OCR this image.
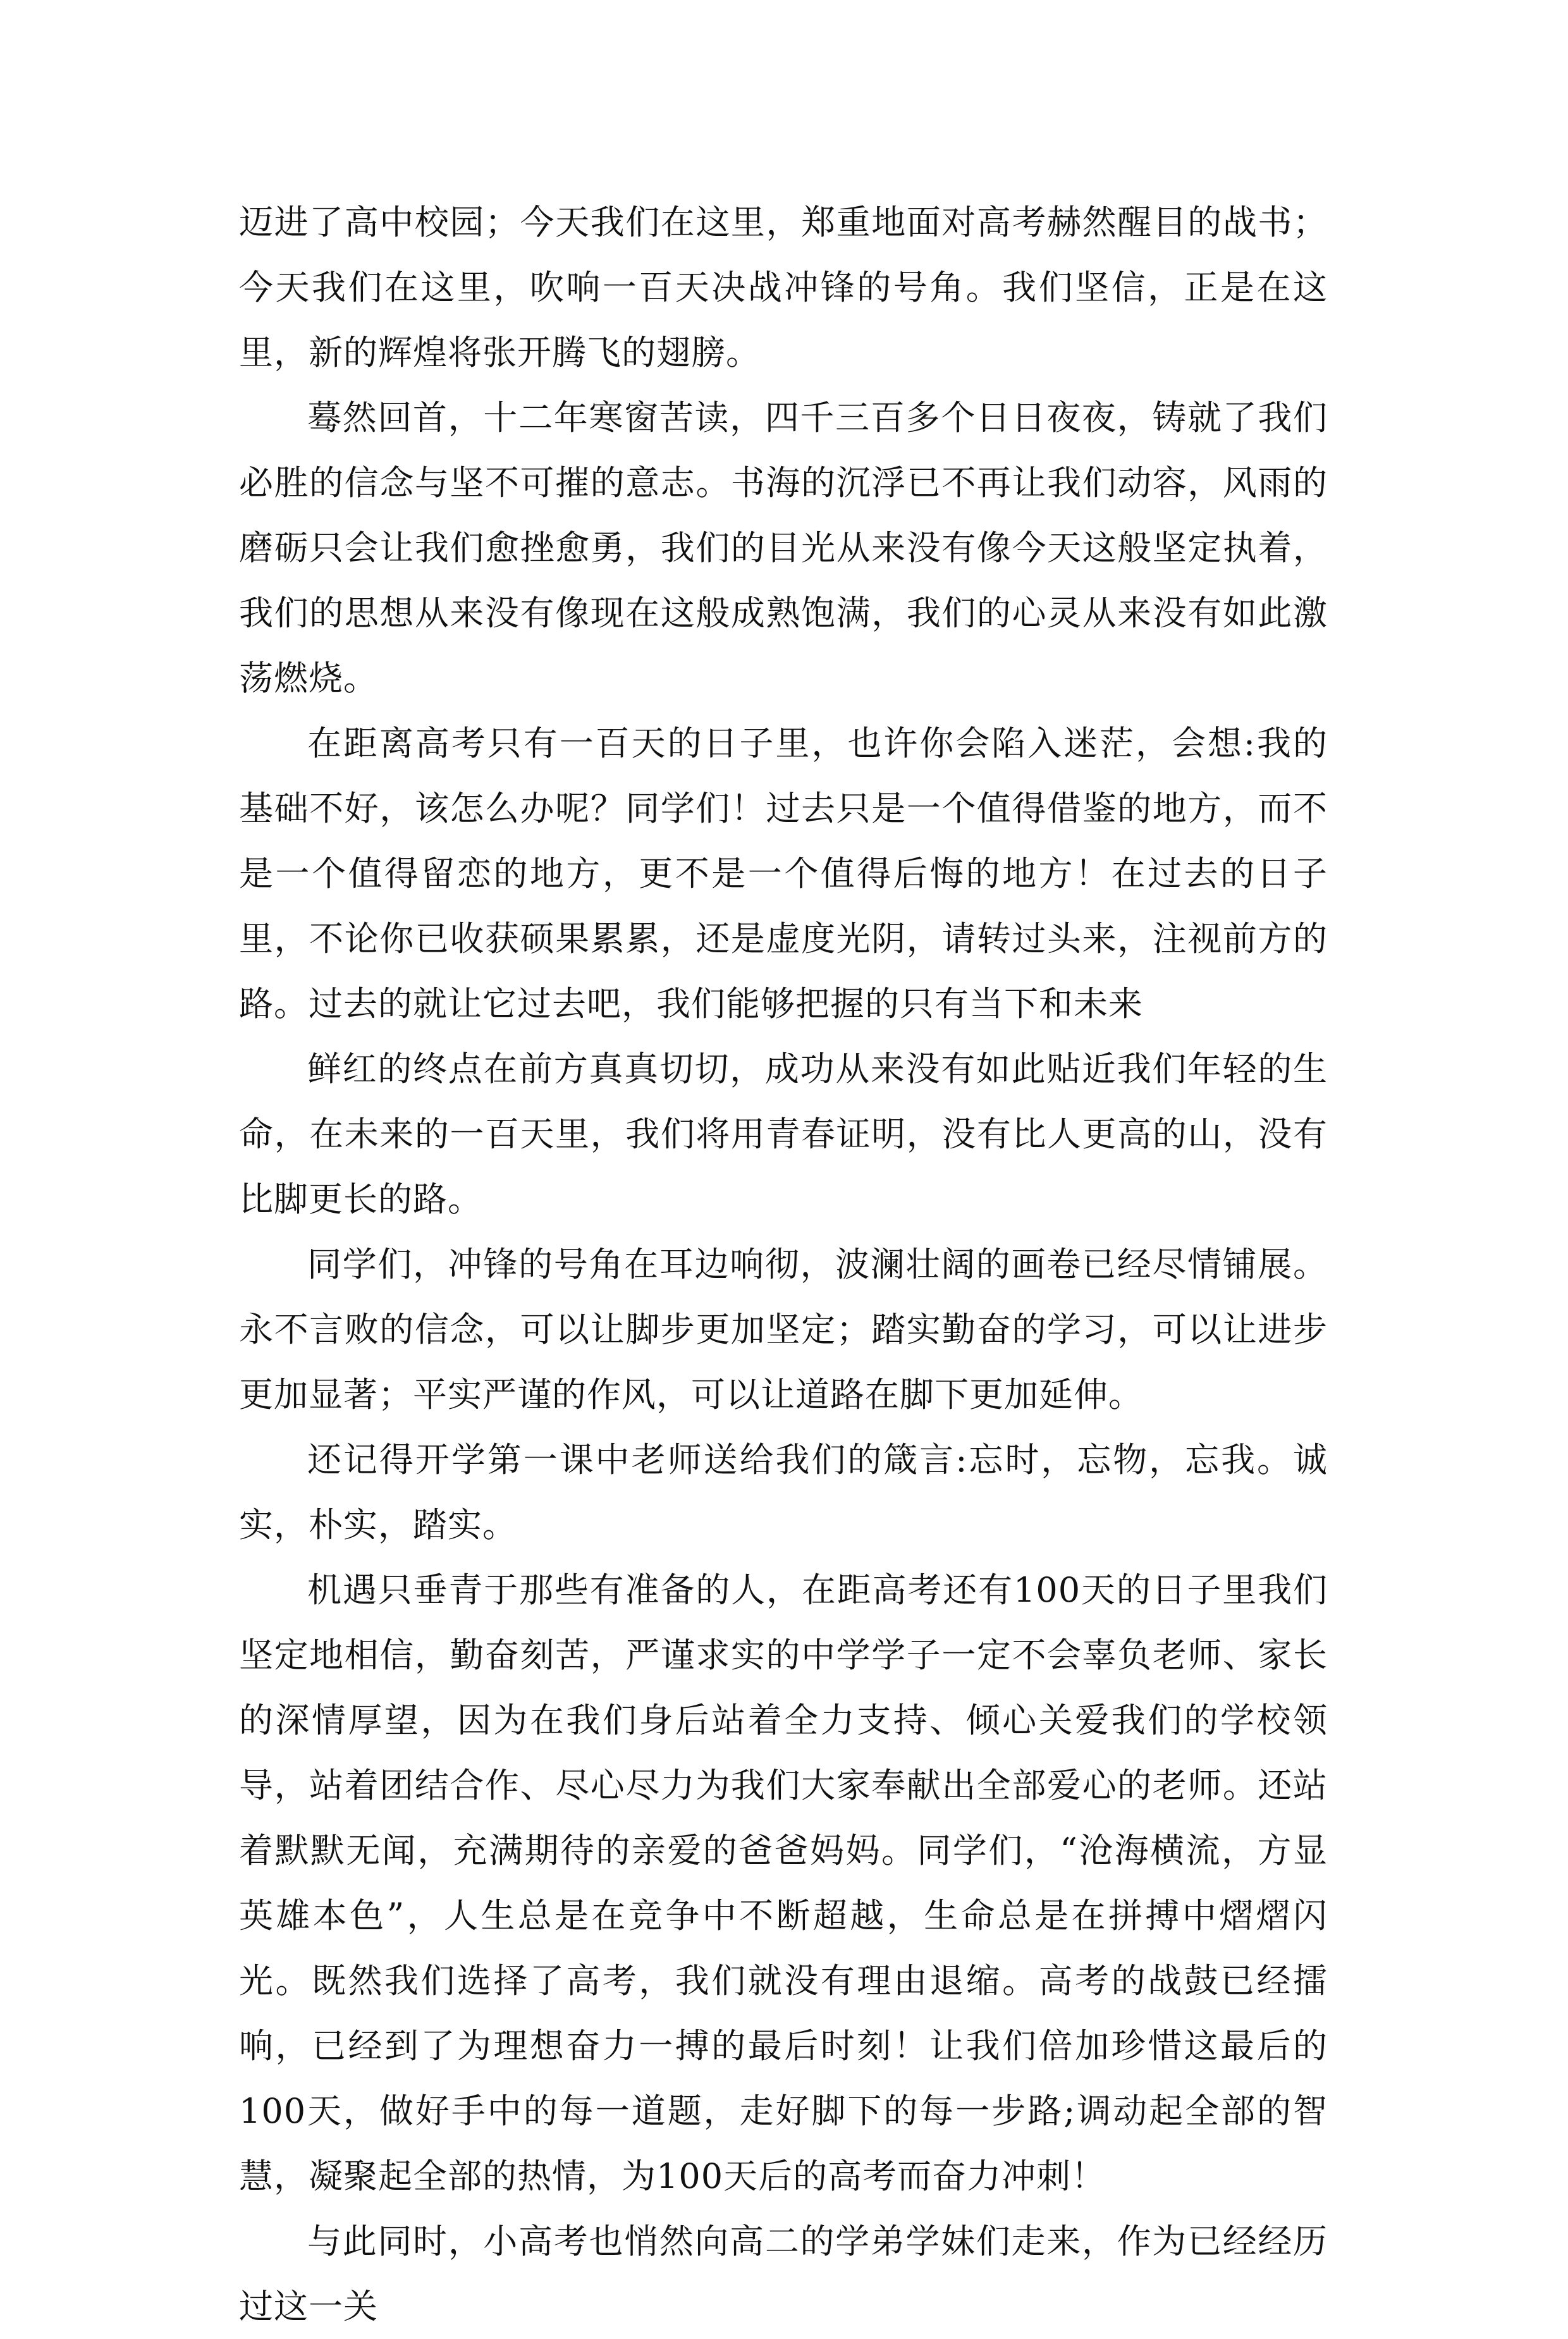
迈进了高中校园；今天我们在这里，郑重地面对高考赫然醒目的战书；今天我们在这里，吹响一百天决战冲锋的号角。我们坚信，正是在这里，新的辉煌将张开腾飞的翅膀。

蓦然回首，十二年寒窗苦读，四千三百多个日日夜夜，铸就了我们必胜的信念与坚不可摧的意志。书海的沉浮已不再让我们动容，风雨的磨砺只会让我们愈挫愈勇，我们的目光从来没有像今天这般坚定执着，我们的思想从来没有像现在这般成熟饱满，我们的心灵从来没有如此激荡燃烧。

在距离高考只有一百天的日子里，也许你会陷入迷茫，会想:我的基础不好，该怎么办呢？同学们！过去只是一个值得借鉴的地方，而不是一个值得留恋的地方，更不是一个值得后悔的地方！在过去的日子里，不论你已收获硕果累累，还是虚度光阴，请转过头来，注视前方的路。过去的就让它过去吧，我们能够把握的只有当下和未来

鲜红的终点在前方真真切切，成功从来没有如此贴近我们年轻的生命，在未来的一百天里，我们将用青春证明，没有比人更高的山，没有比脚更长的路。

同学们，冲锋的号角在耳边响彻，波澜壮阔的画卷已经尽情铺展。永不言败的信念，可以让脚步更加坚定；踏实勤奋的学习，可以让进步更加显著；平实严谨的作风，可以让道路在脚下更加延伸。

还记得开学第一课中老师送给我们的箴言:忘时，忘物，忘我。诚实，朴实，踏实。

机遇只垂青于那些有准备的人，在距高考还有100天的日子里我们坚定地相信，勤奋刻苦，严谨求实的中学学子一定不会辜负老师、家长的深情厚望，因为在我们身后站着全力支持、倾心关爱我们的学校领导，站着团结合作、尽心尽力为我们大家奉献出全部爱心的老师。还站着默默无闻，充满期待的亲爱的爸爸妈妈。同学们，“沧海横流，方显英雄本色”，人生总是在竞争中不断超越，生命总是在拼搏中熠熠闪光。既然我们选择了高考，我们就没有理由退缩。高考的战鼓已经擂响，已经到了为理想奋力一搏的最后时刻！让我们倍加珍惜这最后的100天，做好手中的每一道题，走好脚下的每一步路;调动起全部的智慧，凝聚起全部的热情，为100天后的高考而奋力冲刺！

与此同时，小高考也悄然向高二的学弟学妹们走来，作为已经经历过这一关
